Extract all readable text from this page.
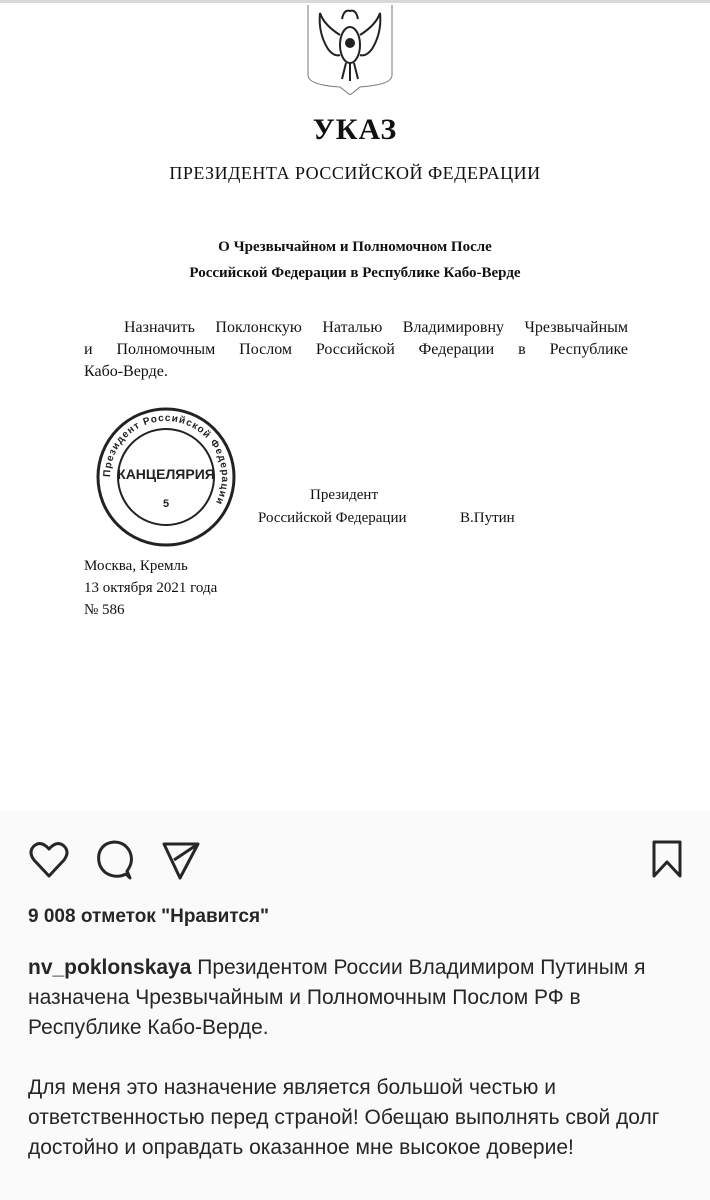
УКАЗ
ПРЕЗИДЕНТА РОССИЙСКОЙ ФЕДЕРАЦИИ
О Чрезвычайном и Полномочном После
Российской Федерации в Республике Кабо-Верде
Назначить Поклонскую Наталью Владимировну Чрезвычайным
и Полномочным Послом Российской Федерации в Республике
Кабо-Верде.
Президент
Российской Федерации	В.Путин
Президент Российской Федерации
КАНЦЕЛЯРИЯ
5
Москва, Кремль
13 октября 2021 года
№ 586
9 008 отметок "Нравится"
nv_poklonskaya Президентом России Владимиром Путиным я назначена Чрезвычайным и Полномочным Послом РФ в Республике Кабо-Верде.
Для меня это назначение является большой честью и ответственностью перед страной! Обещаю выполнять свой долг достойно и оправдать оказанное мне высокое доверие!
